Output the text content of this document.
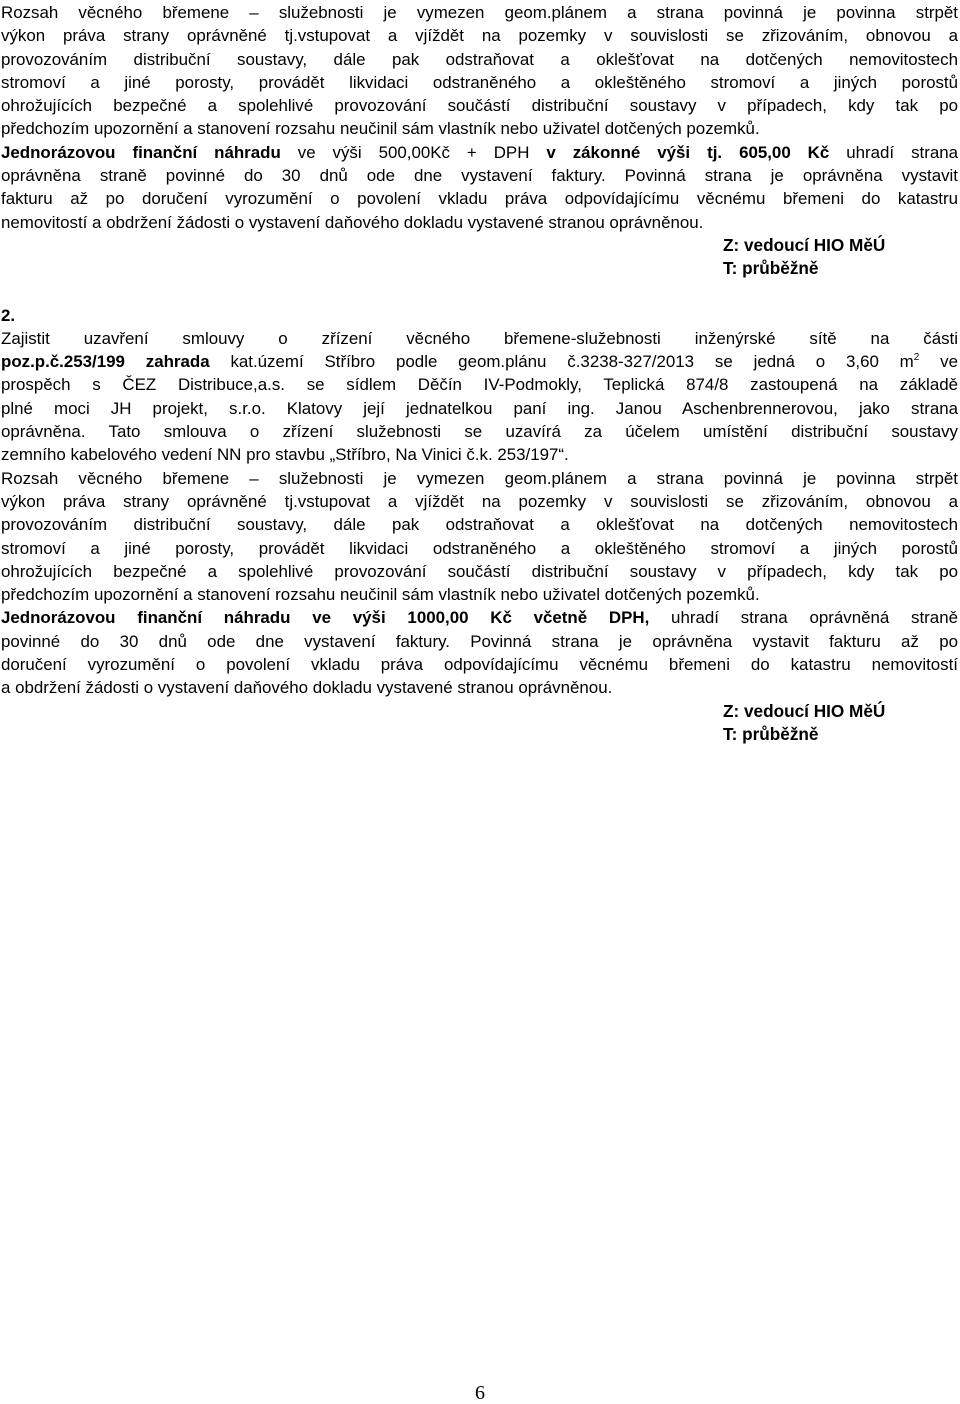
Rozsah věcného břemene – služebnosti je vymezen geom.plánem a strana povinná je povinna strpět
výkon práva strany oprávněné tj.vstupovat a vjíždět na pozemky v souvislosti se zřizováním, obnovou a
provozováním distribuční soustavy, dále pak odstraňovat a oklešťovat na dotčených nemovitostech
stromoví a jiné porosty, provádět likvidaci odstraněného a okleštěného stromoví a jiných porostů
ohrožujících bezpečné a spolehlivé provozování součástí distribuční soustavy v případech, kdy tak po
předchozím upozornění a stanovení rozsahu neučinil sám vlastník nebo uživatel dotčených pozemků.
Jednorázovou finanční náhradu ve výši 500,00Kč + DPH v zákonné výši tj. 605,00 Kč uhradí strana
oprávněna straně povinné do 30 dnů ode dne vystavení faktury. Povinná strana je oprávněna vystavit
fakturu až po doručení vyrozumění o povolení vkladu práva odpovídajícímu věcnému břemeni do katastru
nemovitostí a obdržení žádosti o vystavení daňového dokladu vystavené stranou oprávněnou.
Z: vedoucí HIO MěÚ
T: průběžně
2.
Zajistit uzavření smlouvy o zřízení věcného břemene-služebnosti inženýrské sítě na části
poz.p.č.253/199 zahrada kat.území Stříbro podle geom.plánu č.3238-327/2013 se jedná o 3,60 $m^2$ ve
prospěch s ČEZ Distribuce,a.s. se sídlem Děčín IV-Podmokly, Teplická 874/8 zastoupená na základě
plné moci JH projekt, s.r.o. Klatovy její jednatelkou paní ing. Janou Aschenbrennerovou, jako strana
oprávněna. Tato smlouva o zřízení služebnosti se uzavírá za účelem umístění distribuční soustavy
zemního kabelového vedení NN pro stavbu „Stříbro, Na Vinici č.k. 253/197“.
Rozsah věcného břemene – služebnosti je vymezen geom.plánem a strana povinná je povinna strpět
výkon práva strany oprávněné tj.vstupovat a vjíždět na pozemky v souvislosti se zřizováním, obnovou a
provozováním distribuční soustavy, dále pak odstraňovat a oklešťovat na dotčených nemovitostech
stromoví a jiné porosty, provádět likvidaci odstraněného a okleštěného stromoví a jiných porostů
ohrožujících bezpečné a spolehlivé provozování součástí distribuční soustavy v případech, kdy tak po
předchozím upozornění a stanovení rozsahu neučinil sám vlastník nebo uživatel dotčených pozemků.
Jednorázovou finanční náhradu ve výši 1000,00 Kč včetně DPH, uhradí strana oprávněná straně
povinné do 30 dnů ode dne vystavení faktury. Povinná strana je oprávněna vystavit fakturu až po
doručení vyrozumění o povolení vkladu práva odpovídajícímu věcnému břemeni do katastru nemovitostí
a obdržení žádosti o vystavení daňového dokladu vystavené stranou oprávněnou.
Z: vedoucí HIO MěÚ
T: průběžně
6
